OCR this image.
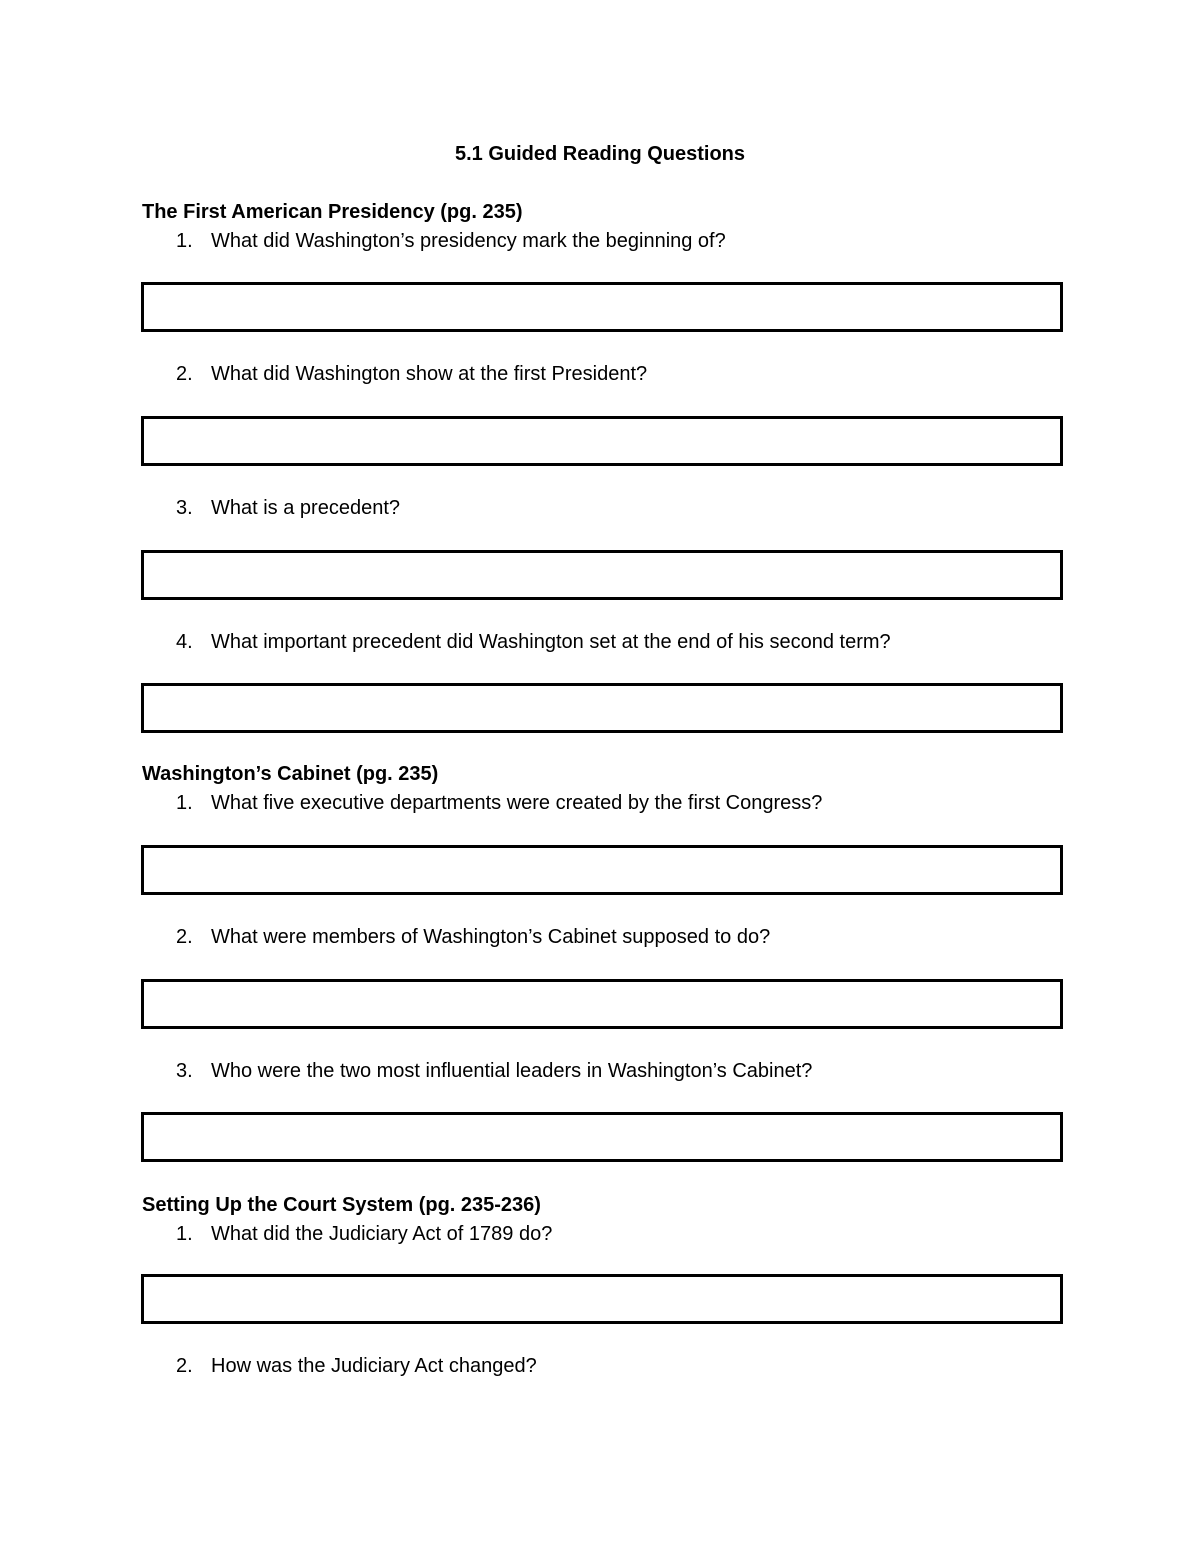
5.1 Guided Reading Questions
The First American Presidency (pg. 235)
1. What did Washington’s presidency mark the beginning of?
2. What did Washington show at the first President?
3. What is a precedent?
4. What important precedent did Washington set at the end of his second term?
Washington’s Cabinet (pg. 235)
1. What five executive departments were created by the first Congress?
2. What were members of Washington’s Cabinet supposed to do?
3. Who were the two most influential leaders in Washington’s Cabinet?
Setting Up the Court System (pg. 235-236)
1. What did the Judiciary Act of 1789 do?
2. How was the Judiciary Act changed?
